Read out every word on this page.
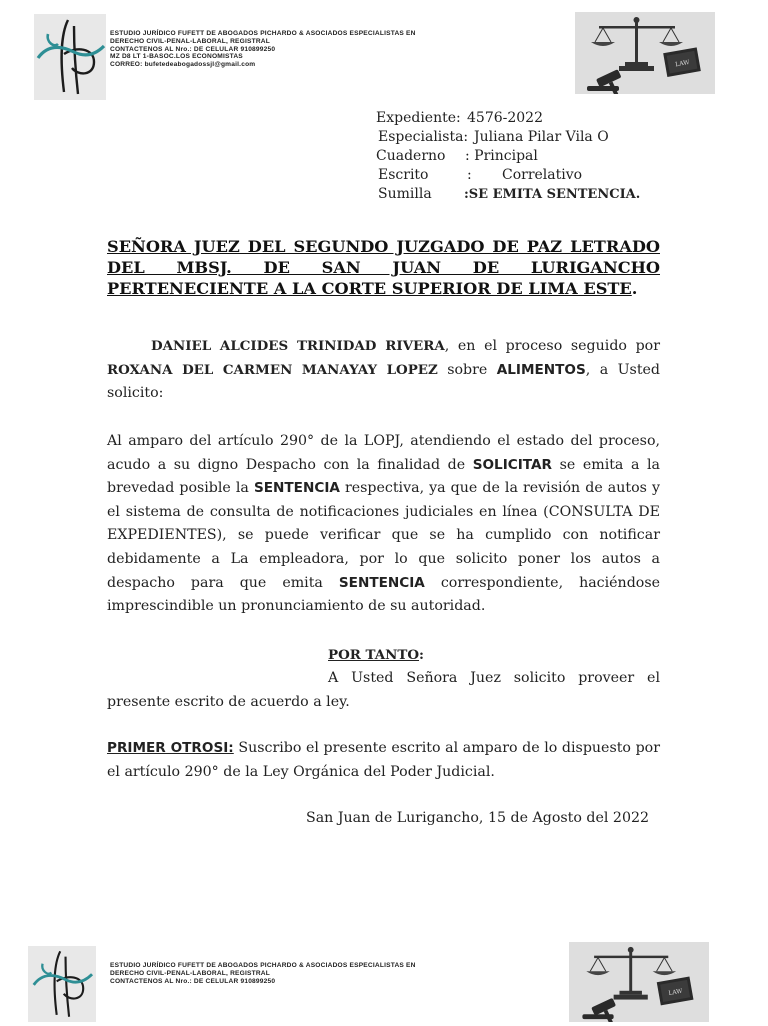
ESTUDIO JURÍDICO FUFETT DE ABOGADOS PICHARDO & ASOCIADOS ESPECIALISTAS EN
DERECHO CIVIL-PENAL-LABORAL, REGISTRAL
CONTACTENOS AL Nro.: DE CELULAR 910899250
MZ D8 LT 1-BASOC.LOS ECONOMISTAS
CORREO: bufetedeabogadossjl@gmail.com	LAW
Expediente: 4576-2022
Especialista: Juliana Pilar Vila O
Cuaderno : Principal
Escrito	: Correlativo
Sumilla :SE EMITA SENTENCIA.
SEÑORA JUEZ DEL SEGUNDO JUZGADO DE PAZ LETRADO
DEL MBSJ. DE SAN JUAN DE LURIGANCHO
PERTENECIENTE A LA CORTE SUPERIOR DE LIMA ESTE.
DANIEL ALCIDES TRINIDAD RIVERA, en el proceso seguido por ROXANA DEL CARMEN MANAYAY LOPEZ sobre ALIMENTOS, a Usted solicito:
Al amparo del artículo 290° de la LOPJ, atendiendo el estado del proceso, acudo a su digno Despacho con la finalidad de SOLICITAR se emita a la brevedad posible la SENTENCIA respectiva, ya que de la revisión de autos y el sistema de consulta de notificaciones judiciales en línea (CONSULTA DE EXPEDIENTES), se puede verificar que se ha cumplido con notificar debidamente a La empleadora, por lo que solicito poner los autos a despacho para que emita SENTENCIA correspondiente, haciéndose imprescindible un pronunciamiento de su autoridad.
POR TANTO:
A Usted Señora Juez solicito proveer el
presente escrito de acuerdo a ley.
PRIMER OTROSI: Suscribo el presente escrito al amparo de lo dispuesto por el artículo 290° de la Ley Orgánica del Poder Judicial.
San Juan de Lurigancho, 15 de Agosto del 2022
ESTUDIO JURÍDICO FUFETT DE ABOGADOS PICHARDO & ASOCIADOS ESPECIALISTAS EN
DERECHO CIVIL-PENAL-LABORAL, REGISTRAL
CONTACTENOS AL Nro.: DE CELULAR 910899250
LAW
